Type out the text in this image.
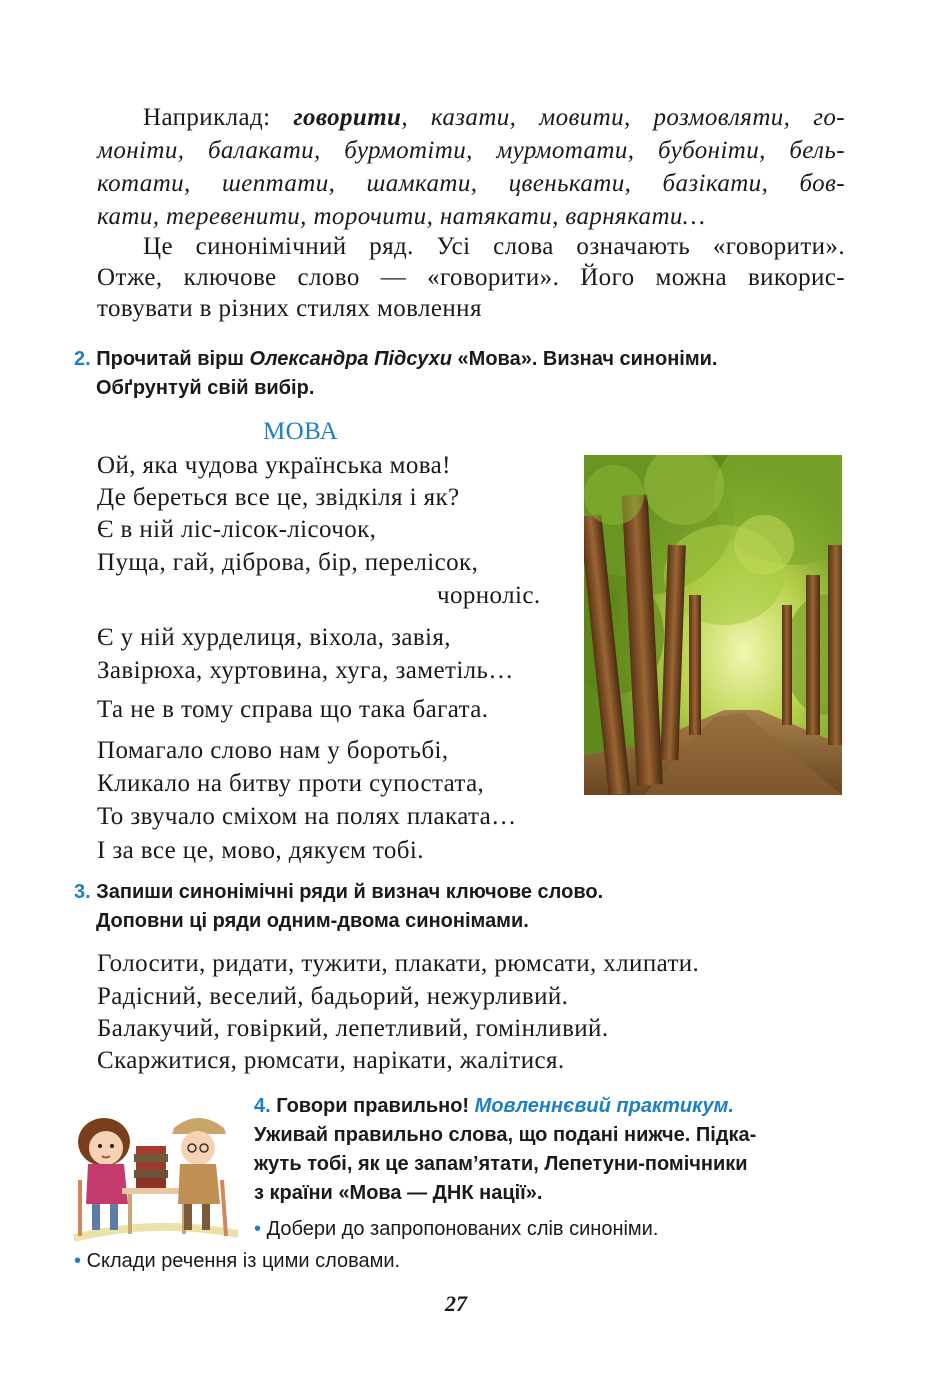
Наприклад: говорити, казати, мовити, розмовляти, го-
моніти, балакати, бурмотіти, мурмотати, бубоніти, бель-
котати, шептати, шамкати, цвенькати, базікати, бов-
кати, теревенити, торочити, натякати, варнякати…
Це синонімічний ряд. Усі слова означають «говорити».
Отже, ключове слово — «говорити». Його можна викорис-
товувати в різних стилях мовлення
2. Прочитай вірш Олександра Підсухи «Мова». Визнач синоніми.
Обґрунтуй свій вибір.
МОВА
Ой, яка чудова українська мова!
Де береться все це, звідкіля і як?
Є в ній ліс-лісок-лісочок,
Пуща, гай, діброва, бір, перелісок,
чорноліс.
Є у ній хурделиця, віхола, завія,
Завірюха, хуртовина, хуга, заметіль…
Та не в тому справа що така багата.
Помагало слово нам у боротьбі,
Кликало на битву проти супостата,
То звучало сміхом на полях плаката…
І за все це, мово, дякуєм тобі.
3. Запиши синонімічні ряди й визнач ключове слово.
Доповни ці ряди одним-двома синонімами.
Голосити, ридати, тужити, плакати, рюмсати, хлипати.
Радісний, веселий, бадьорий, нежурливий.
Балакучий, говіркий, лепетливий, гомінливий.
Скаржитися, рюмсати, нарікати, жалітися.
4. Говори правильно! Мовленнєвий практикум.
Уживай правильно слова, що подані нижче. Підка-
жуть тобі, як це запам’ятати, Лепетуни-помічники
з країни «Мова — ДНК нації».
• Добери до запропонованих слів синоніми.
• Склади речення із цими словами.
27
